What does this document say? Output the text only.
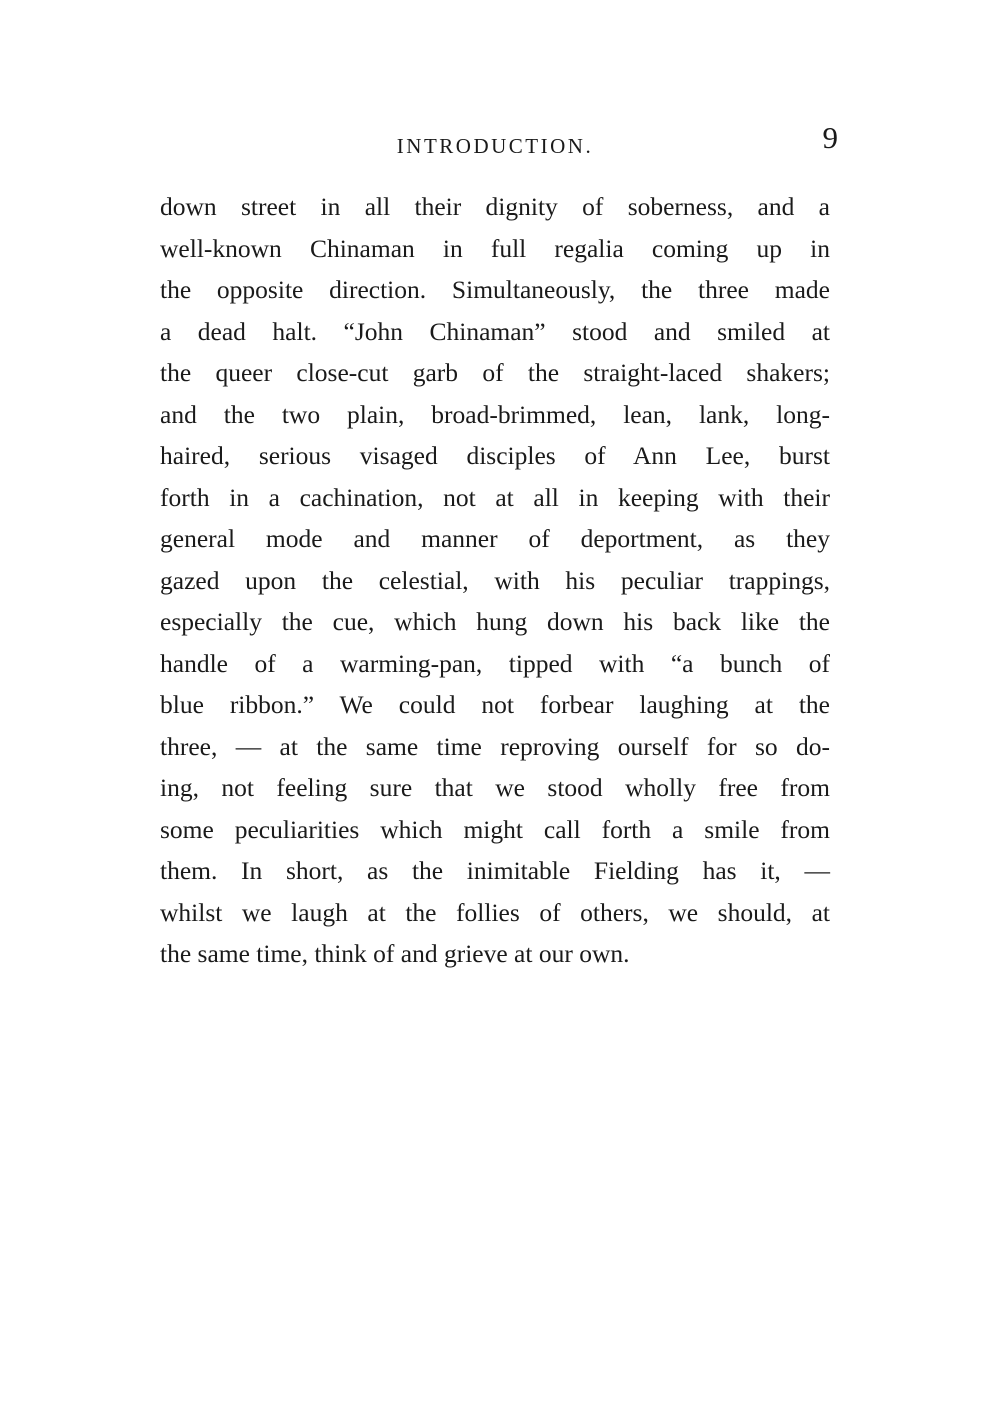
INTRODUCTION.	9
down street in all their dignity of soberness, and a
well-known Chinaman in full regalia coming up in
the opposite direction. Simultaneously, the three made
a dead halt. “John Chinaman” stood and smiled at
the queer close-cut garb of the straight-laced shakers;
and the two plain, broad-brimmed, lean, lank, long-
haired, serious visaged disciples of Ann Lee, burst
forth in a cachination, not at all in keeping with their
general mode and manner of deportment, as they
gazed upon the celestial, with his peculiar trappings,
especially the cue, which hung down his back like the
handle of a warming-pan, tipped with “a bunch of
blue ribbon.” We could not forbear laughing at the
three, — at the same time reproving ourself for so do-
ing, not feeling sure that we stood wholly free from
some peculiarities which might call forth a smile from
them. In short, as the inimitable Fielding has it, —
whilst we laugh at the follies of others, we should, at
the same time, think of and grieve at our own.
